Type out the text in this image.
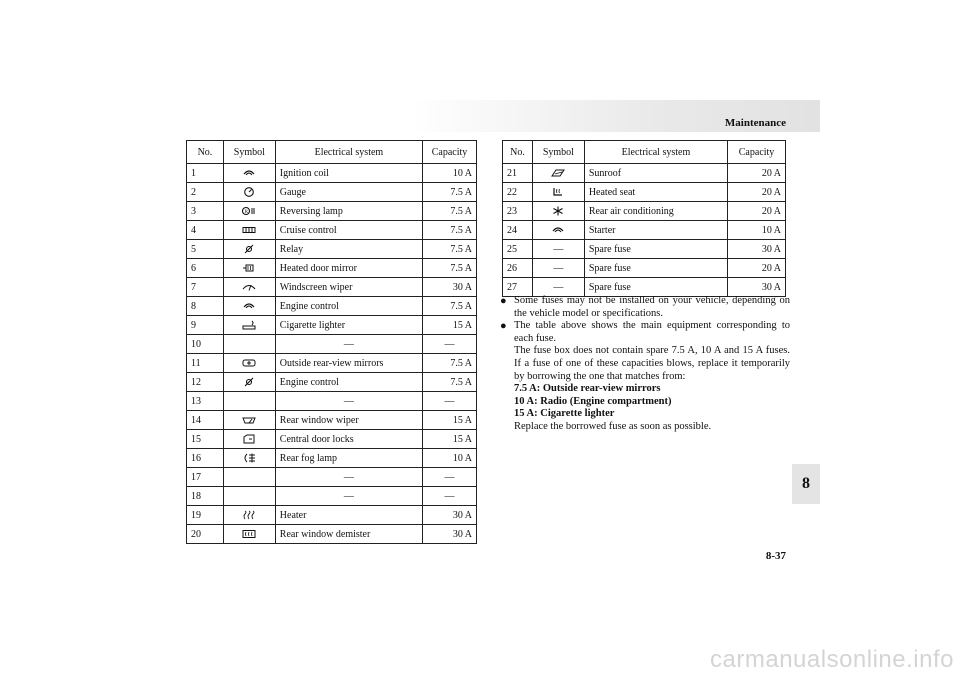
Maintenance
No.	Symbol	Electrical system	Capacity
1		Ignition coil	10 A
2		Gauge	7.5 A
3	R	Reversing lamp	7.5 A
4		Cruise control	7.5 A
5		Relay	7.5 A
6		Heated door mirror	7.5 A
7		Windscreen wiper	30 A
8		Engine control	7.5 A
9		Cigarette lighter	15 A
10		—	—
11		Outside rear-view mirrors	7.5 A
12		Engine control	7.5 A
13		—	—
14		Rear window wiper	15 A
15		Central door locks	15 A
16		Rear fog lamp	10 A
17		—	—
18		—	—
19		Heater	30 A
20		Rear window demister	30 A
No.	Symbol	Electrical system	Capacity
21		Sunroof	20 A
22		Heated seat	20 A
23		Rear air conditioning	20 A
24		Starter	10 A
25	—	Spare fuse	30 A
26	—	Spare fuse	20 A
27	—	Spare fuse	30 A
● Some fuses may not be installed on your vehicle, depending on the vehicle model or specifications.
● The table above shows the main equipment corresponding to each fuse.
The fuse box does not contain spare 7.5 A, 10 A and 15 A fuses. If a fuse of one of these capacities blows, replace it temporarily by borrowing the one that matches from:
7.5 A: Outside rear-view mirrors
10 A: Radio (Engine compartment)
15 A: Cigarette lighter
Replace the borrowed fuse as soon as possible.
8
8-37
carmanualsonline.info
